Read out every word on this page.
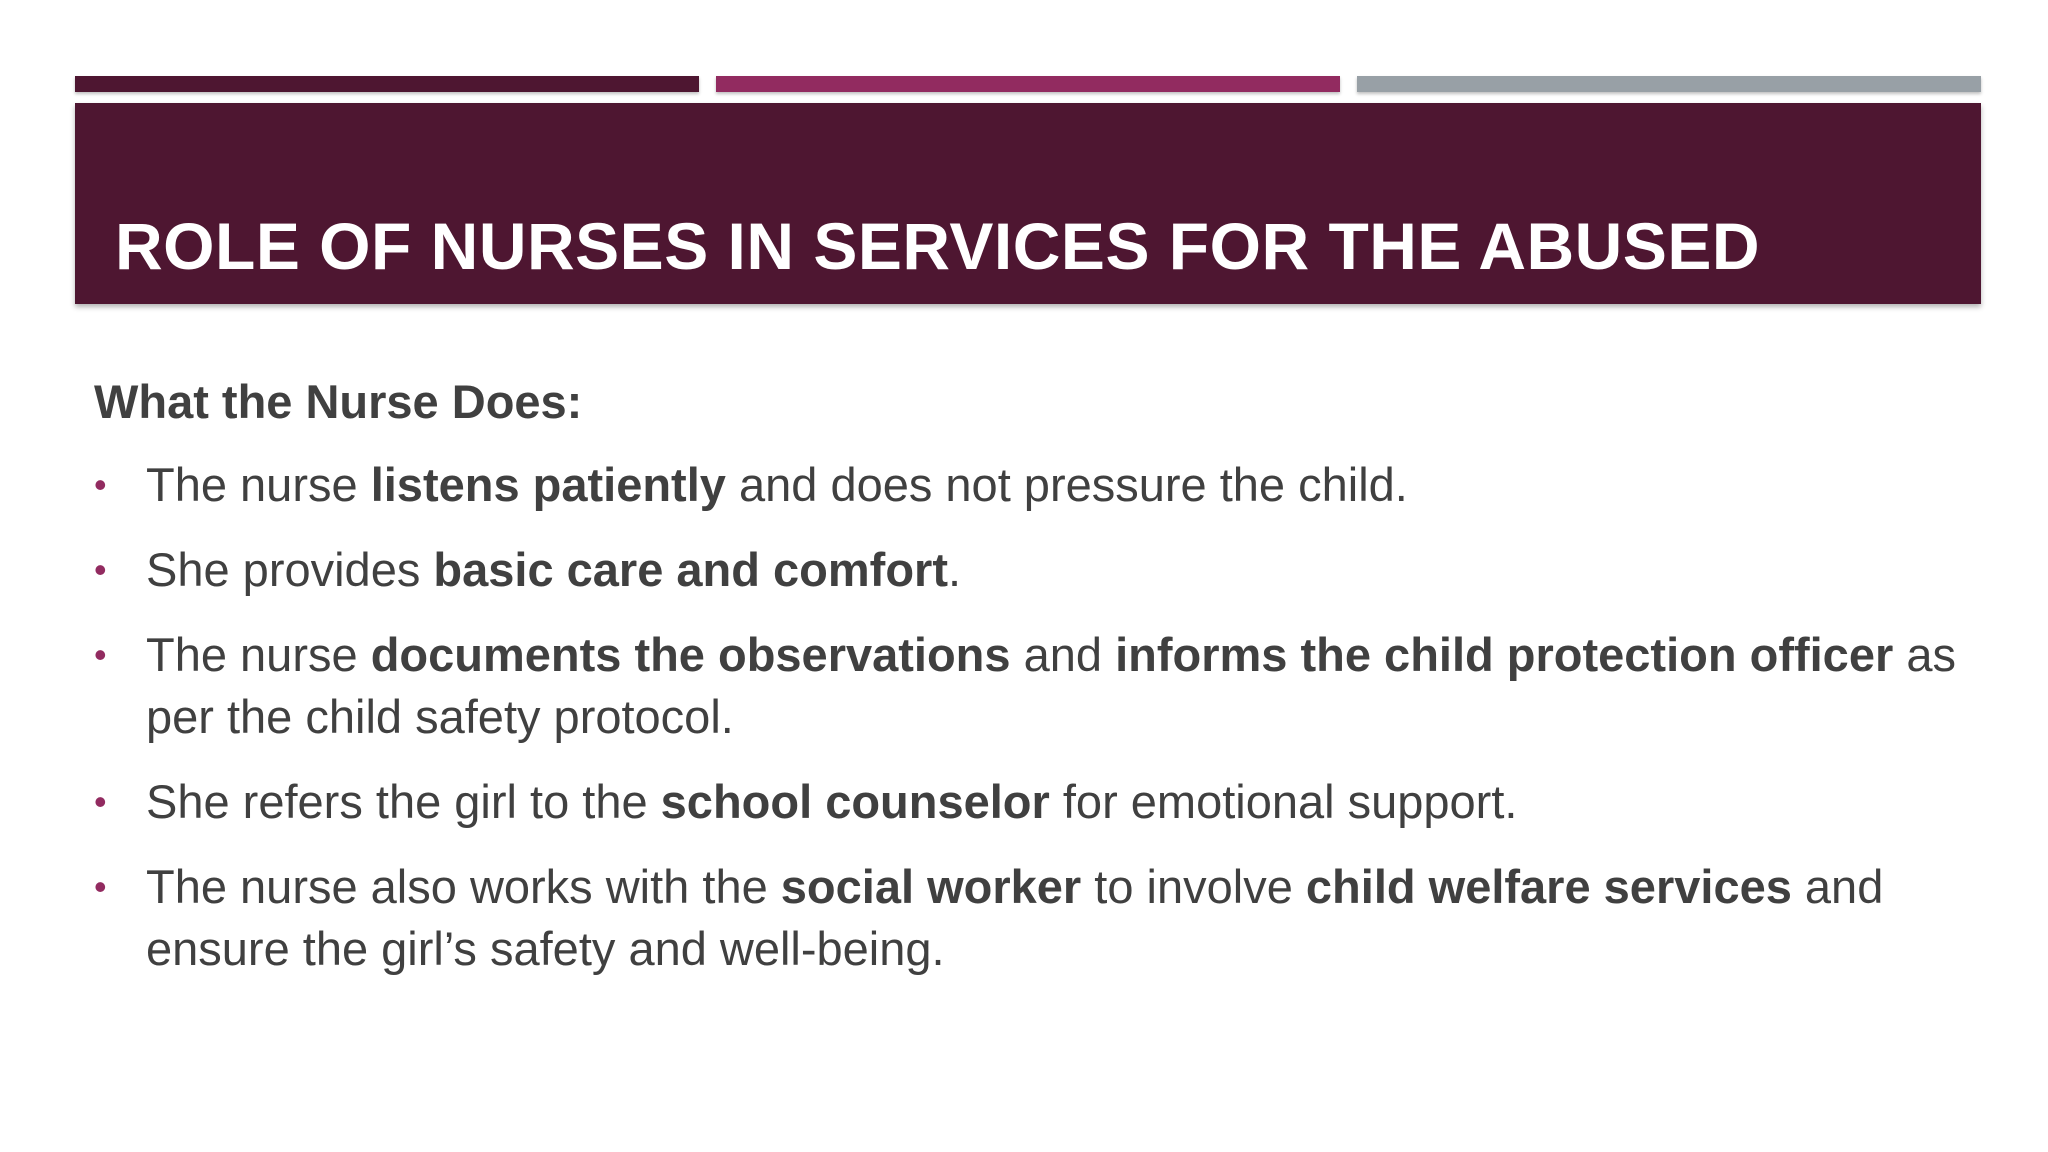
ROLE OF NURSES IN SERVICES FOR THE ABUSED

What the Nurse Does:

• The nurse listens patiently and does not pressure the child.
• She provides basic care and comfort.
• The nurse documents the observations and informs the child protection officer as per the child safety protocol.
• She refers the girl to the school counselor for emotional support.
• The nurse also works with the social worker to involve child welfare services and ensure the girl’s safety and well-being.
